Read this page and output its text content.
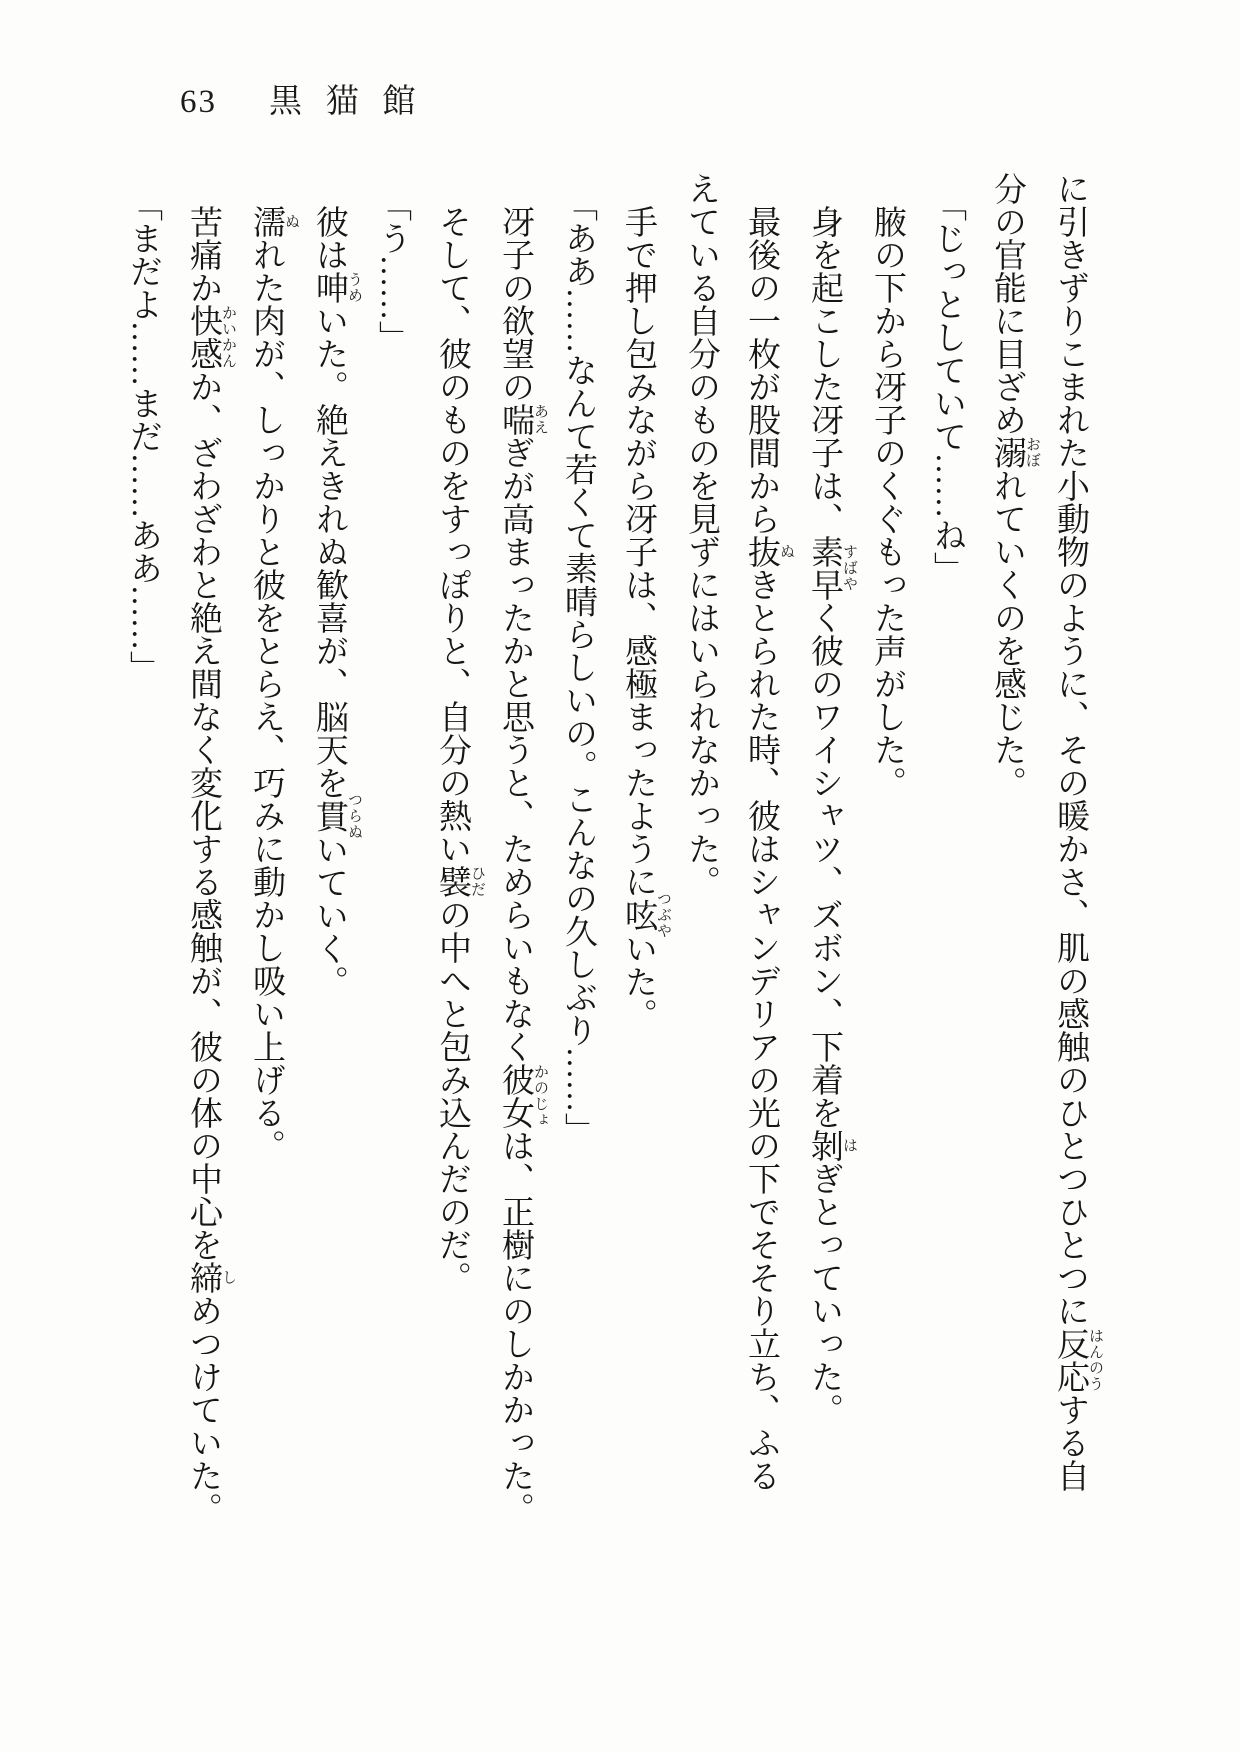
63 黒猫館

に引きずりこまれた小動物のように、その暖かさ、肌の感触のひとつひとつに反応 はんのうする自

分の官能に目ざめ溺 おぼれていくのを感じた。

　「じっとしていて……ね」

　腋の下から冴子のくぐもった声がした。

　身を起こした冴子は、素早 すばやく彼のワイシャツ、ズボン、下着を剝 はぎとっていった。

　最後の一枚が股間から抜 ぬきとられた時、彼はシャンデリアの光の下でそそり立ち、ふる

えている自分のものを見ずにはいられなかった。

　手で押し包みながら冴子は、感極まったように呟 つぶやいた。

　「ああ……なんて若くて素晴らしいの。こんなの久しぶり……」

　冴子の欲望の喘 あえぎが高まったかと思うと、ためらいもなく彼女 かのじょは、正樹にのしかかった。

　そして、彼のものをすっぽりと、自分の熱い襞 ひだの中へと包み込んだのだ。

　「う……」

　彼は呻 うめいた。絶えきれぬ歓喜が、脳天を貫 つらぬいていく。

　濡 ぬれた肉が、しっかりと彼をとらえ、巧みに動かし吸い上げる。

　苦痛か快感 かいかんか、ざわざわと絶え間なく変化する感触が、彼の体の中心を締 しめつけていた。

　「まだよ……まだ……ああ……」
